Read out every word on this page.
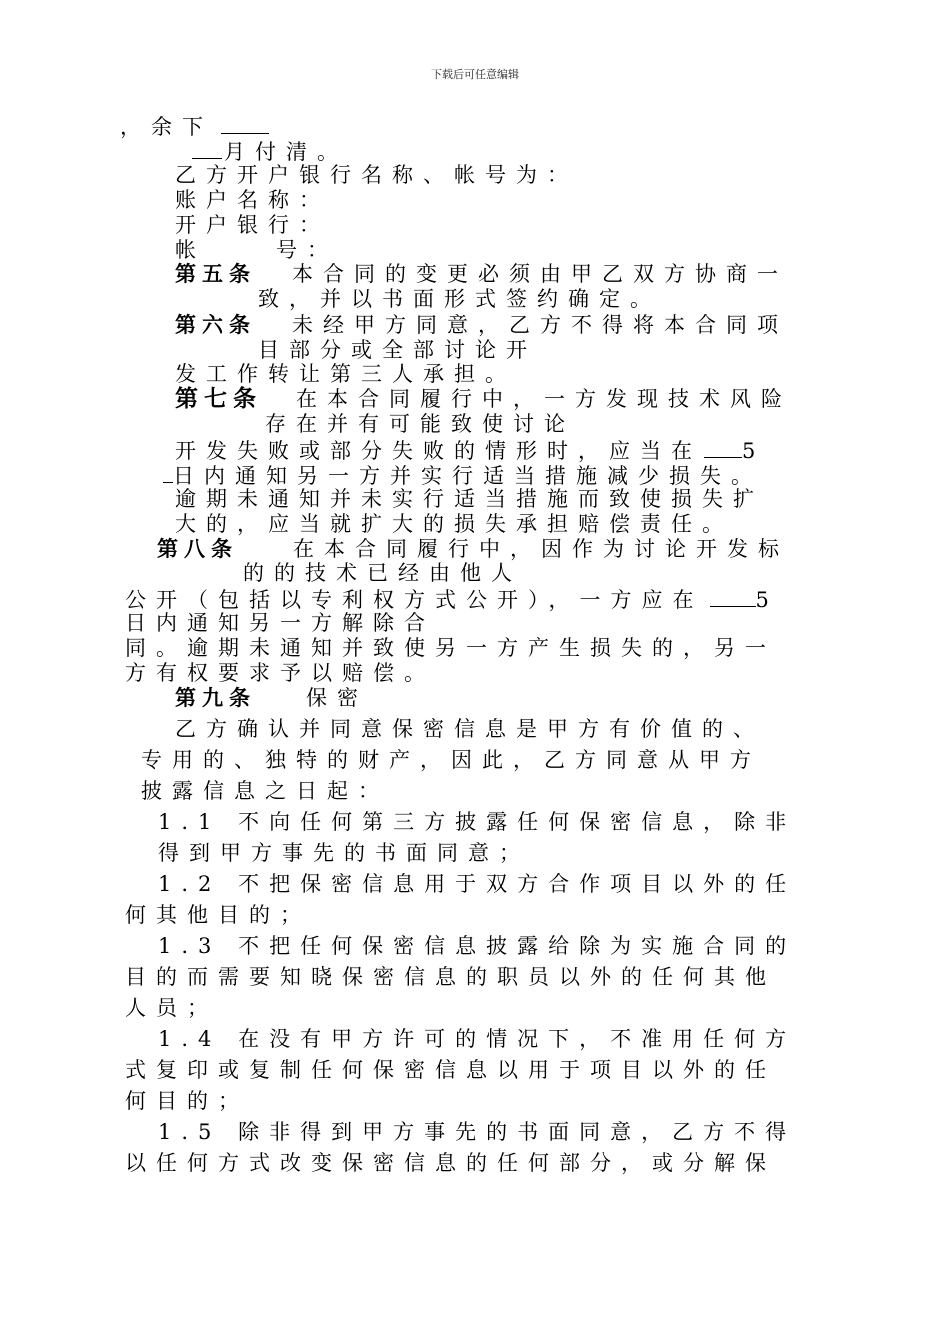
下载后可任意编辑
，余下
月付清。
乙方开户银行名称、帐号为：
账户名称：
开户银行：
帐	号：
第五条 本合同的变更必须由甲乙双方协商一
致，并以书面形式签约确定。
第六条 未经甲方同意，乙方不得将本合同项
目部分或全部讨论开
发工作转让第三人承担。
第七条 在本合同履行中，一方发现技术风险
存在并有可能致使讨论
开发失败或部分失败的情形时，应当在 5
日内通知另一方并实行适当措施减少损失。
逾期未通知并未实行适当措施而致使损失扩
大的，应当就扩大的损失承担赔偿责任。
第八条	在本合同履行中，因作为讨论开发标
的的技术已经由他人
公开（包括以专利权方式公开），一方应在 5
日内通知另一方解除合
同。逾期未通知并致使另一方产生损失的，另一
方有权要求予以赔偿。
第九条 保密
乙方确认并同意保密信息是甲方有价值的、
专用的、独特的财产，因此，乙方同意从甲方
披露信息之日起：
1.1 不向任何第三方披露任何保密信息，除非
得到甲方事先的书面同意；
1.2 不把保密信息用于双方合作项目以外的任
何其他目的；
1.3 不把任何保密信息披露给除为实施合同的
目的而需要知晓保密信息的职员以外的任何其他
人员；
1.4 在没有甲方许可的情况下，不准用任何方
式复印或复制任何保密信息以用于项目以外的任
何目的；
1.5 除非得到甲方事先的书面同意，乙方不得
以任何方式改变保密信息的任何部分，或分解保
